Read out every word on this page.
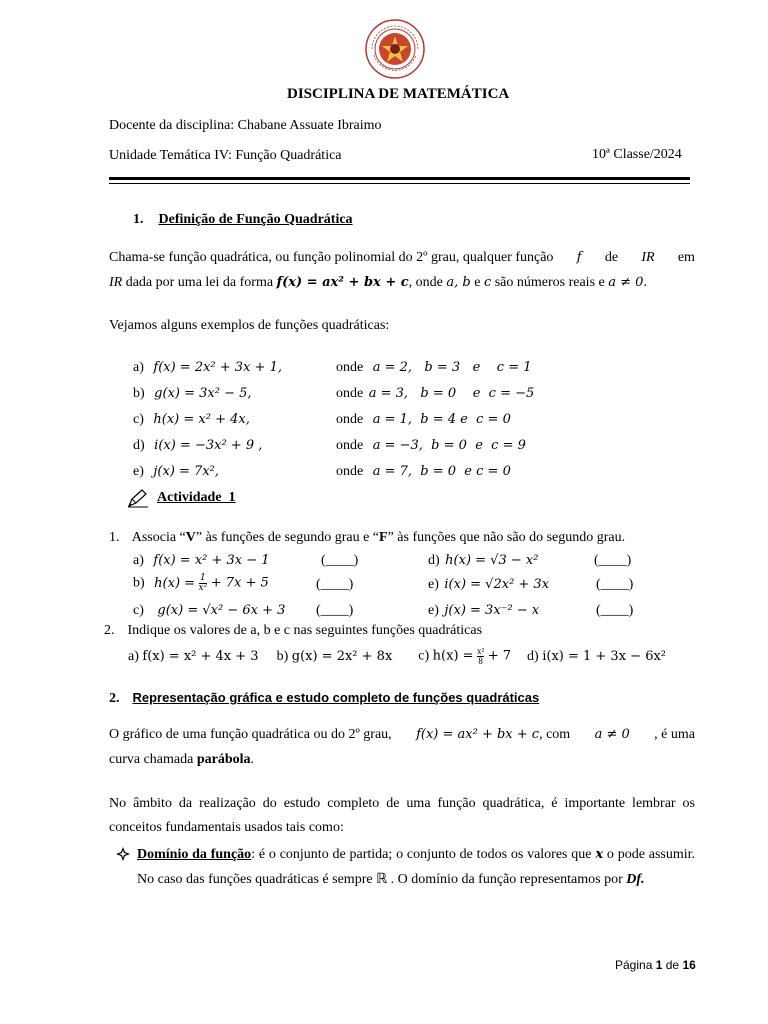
DISCIPLINA DE MATEMÁTICA
Docente da disciplina: Chabane Assuate Ibraimo
Unidade Temática IV: Função Quadrática	10ª Classe/2024
1. Definição de Função Quadrática
Chama-se função quadrática, ou função polinomial do 2º grau, qualquer função f de IR em
IR dada por uma lei da forma f(x) = ax² + bx + c, onde a, b e c são números reais e a ≠ 0.
Vejamos alguns exemplos de funções quadráticas:
a) f(x) = 2x² + 3x + 1,	onde a = 2,   b = 3   e    c = 1
b) g(x) = 3x² − 5,	onde a = 3,   b = 0    e  c = −5
c) h(x) = x² + 4x,	onde a = 1,  b = 4 e  c = 0
d) i(x) = −3x² + 9 ,	onde a = −3,  b = 0  e  c = 9
e) j(x) = 7x²,	onde a = 7,  b = 0  e c = 0
Actividade  1
1. Associa “V” às funções de segundo grau e “F” às funções que não são do segundo grau.
a) f(x) = x² + 3x − 1	(____)	d) h(x) = √3 − x²	(____)
b) $h(x) = \frac{1}{\text{x²}} + 7x + 5$	(____)	e) i(x) = √2x² + 3x	(____)
c) g(x) = √x² − 6x + 3 (____)	e) j(x) = 3x⁻² − x	(____)
2. Indique os valores de a, b e c nas seguintes funções quadráticas
a) f(x) = x² + 4x + 3 b) g(x) = 2x² + 8x c) $h(x) = \frac{\text{x²}}{8} + 7$ d) i(x) = 1 + 3x − 6x²
2. Representação gráfica e estudo completo de funções quadráticas
O gráfico de uma função quadrática ou do 2º grau, f(x) = ax² + bx + c, com a ≠ 0 , é uma
curva chamada parábola.
No âmbito da realização do estudo completo de uma função quadrática, é importante lembrar os conceitos fundamentais usados tais como:
Domínio da função: é o conjunto de partida; o conjunto de todos os valores que x o pode assumir. No caso das funções quadráticas é sempre ℝ . O domínio da função representamos por Df.
Página 1 de 16
